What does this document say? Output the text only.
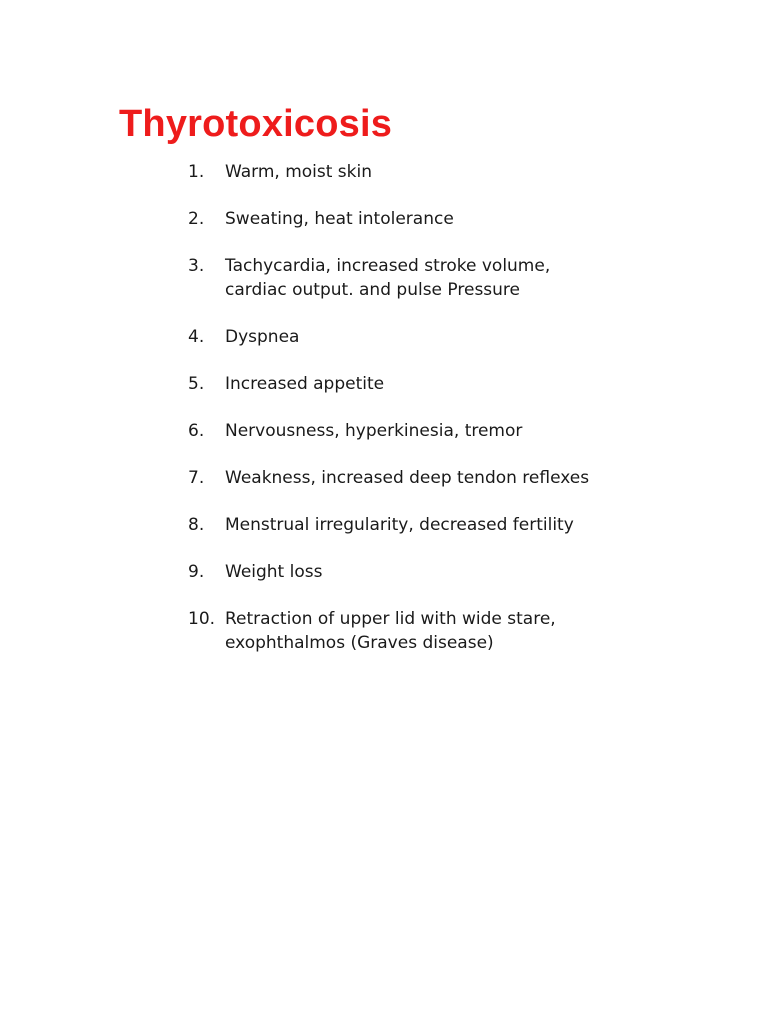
Thyrotoxicosis
1.	Warm, moist skin
2.	Sweating, heat intolerance
3.	Tachycardia, increased stroke volume,
cardiac output. and pulse Pressure
4.	Dyspnea
5.	Increased appetite
6.	Nervousness, hyperkinesia, tremor
7.	Weakness, increased deep tendon reflexes
8.	Menstrual irregularity, decreased fertility
9.	Weight loss
10. Retraction of upper lid with wide stare,
exophthalmos (Graves disease)
